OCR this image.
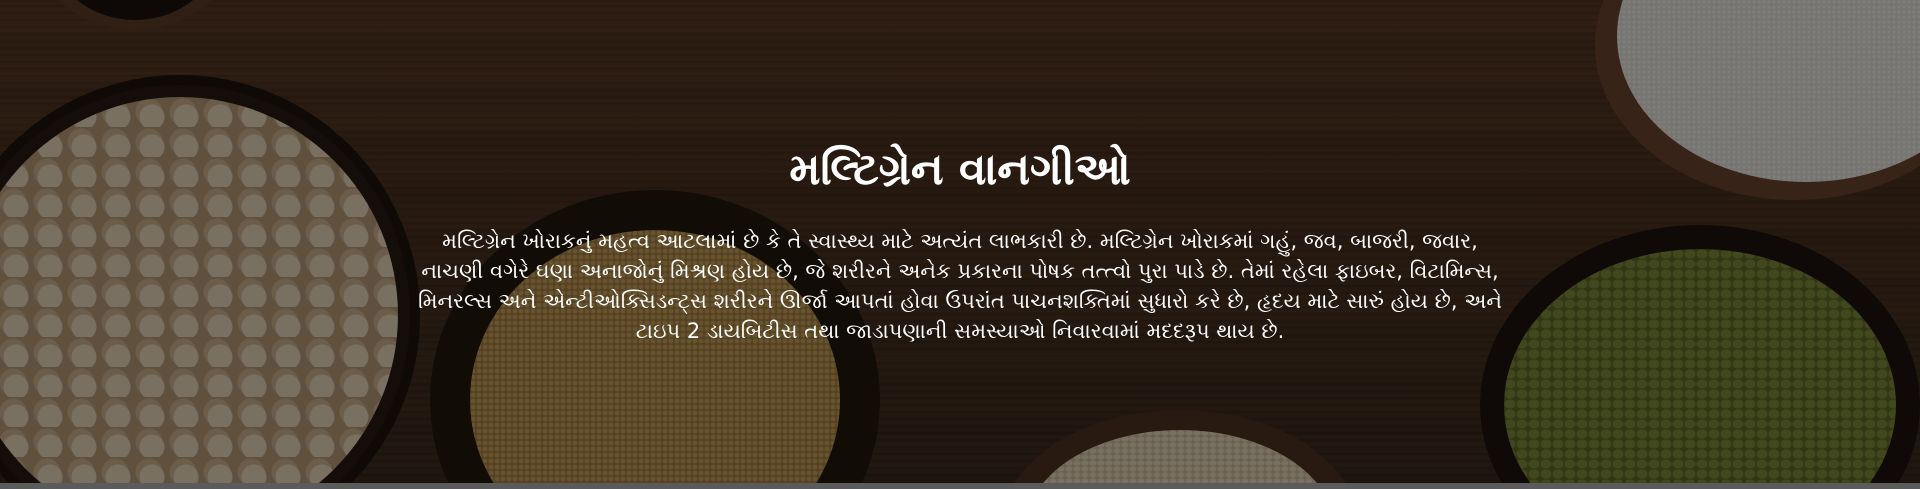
મલ્ટિગ્રેન વાનગીઓ

મલ્ટિગ્રેન ખોરાકનું મહત્વ આટલામાં છે કે તે સ્વાસ્થ્ય માટે અત્યંત લાભકારી છે. મલ્ટિગ્રેન ખોરાકમાં ગહું, જવ, બાજરી, જવાર, નાચણી વગેરે ઘણા અનાજોનું મિશ્રણ હોય છે, જે શરીરને અનેક પ્રકારના પોષક તત્ત્વો પુરા પાડે છે. તેમાં રહેલા ફાઇબર, વિટામિન્સ, મિનરલ્સ અને એન્ટીઓક્સિડન્ટ્સ શરીરને ઊર્જા આપતાં હોવા ઉપરાંત પાચનશક્તિમાં સુધારો કરે છે, હૃદય માટે સારું હોય છે, અને ટાઇપ 2 ડાયબિટીસ તથા જાડાપણાની સમસ્યાઓ નિવારવામાં મદદરૂપ થાય છે.
